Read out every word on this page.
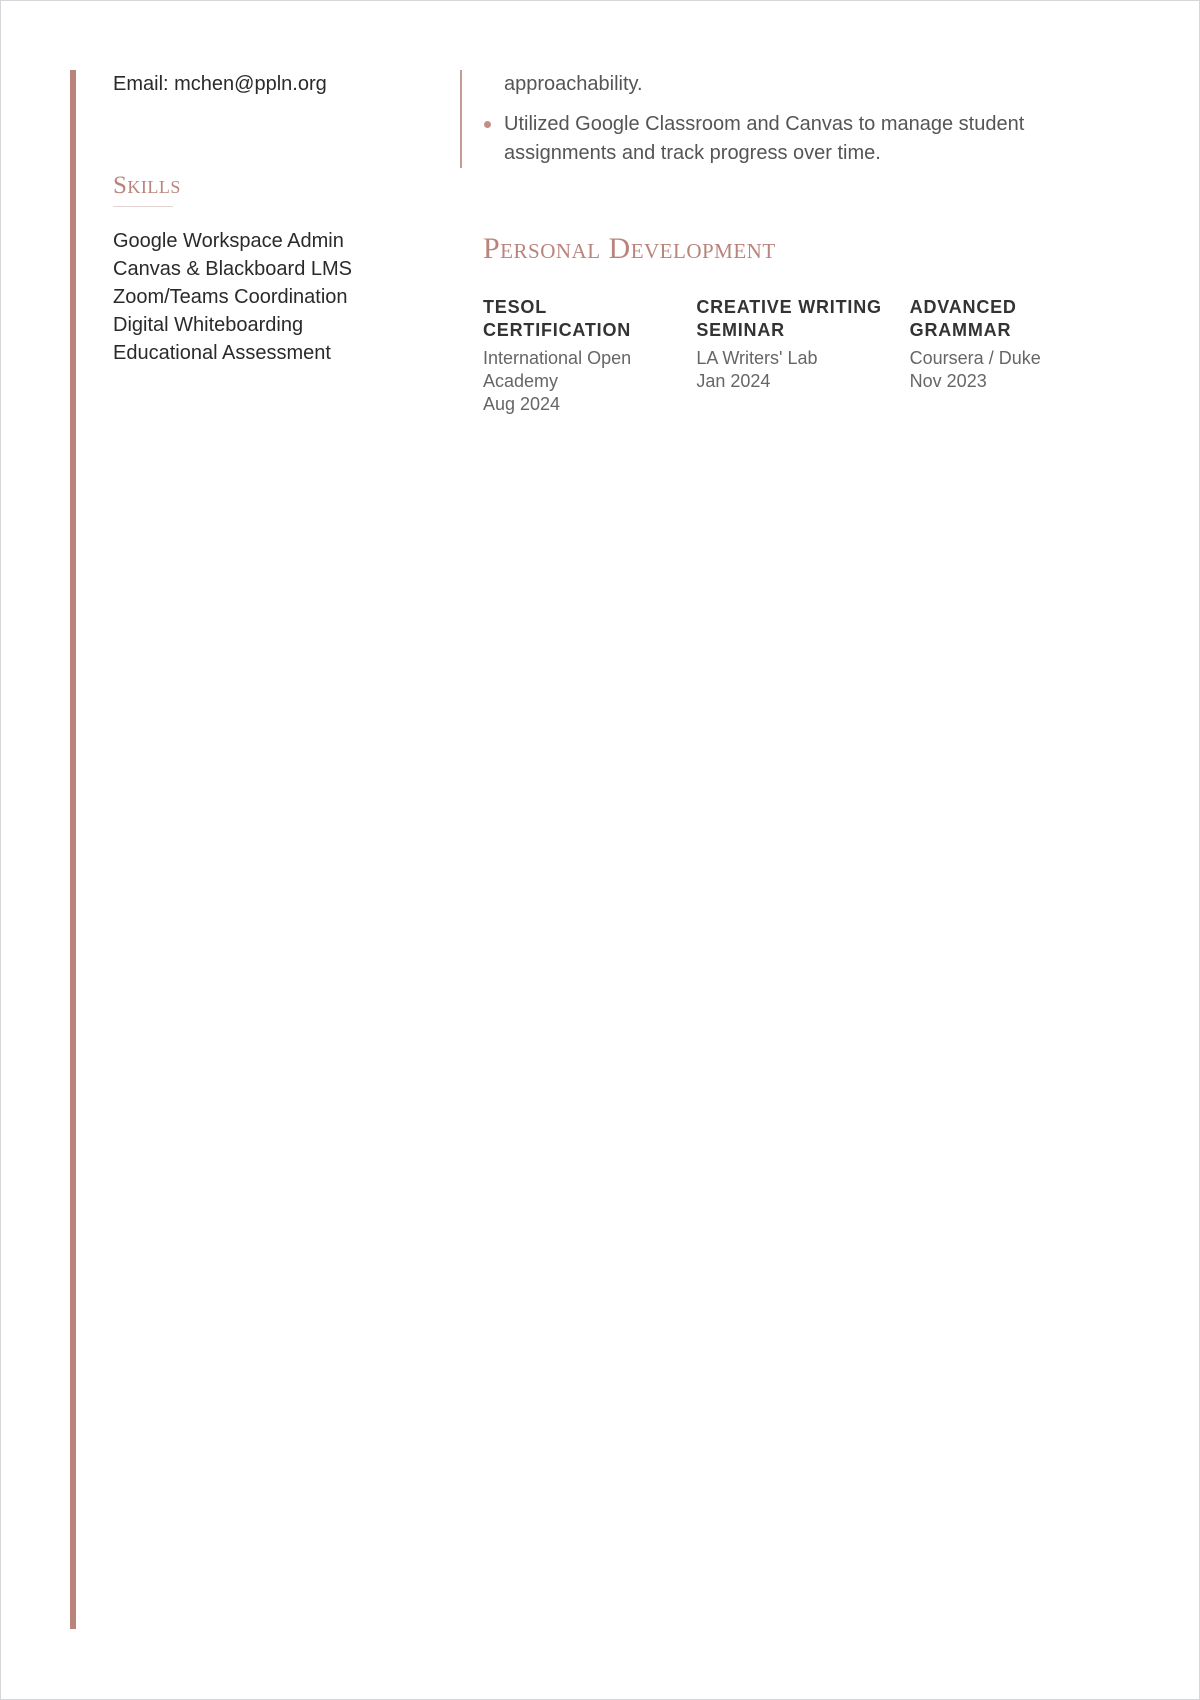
Email: mchen@ppln.org

Skills
Google Workspace Admin
Canvas & Blackboard LMS
Zoom/Teams Coordination
Digital Whiteboarding
Educational Assessment

approachability.

Utilized Google Classroom and Canvas to manage student assignments and track progress over time.
Personal Development
TESOL CERTIFICATION
International Open Academy
Aug 2024
CREATIVE WRITING SEMINAR
LA Writers' Lab
Jan 2024
ADVANCED GRAMMAR
Coursera / Duke
Nov 2023
